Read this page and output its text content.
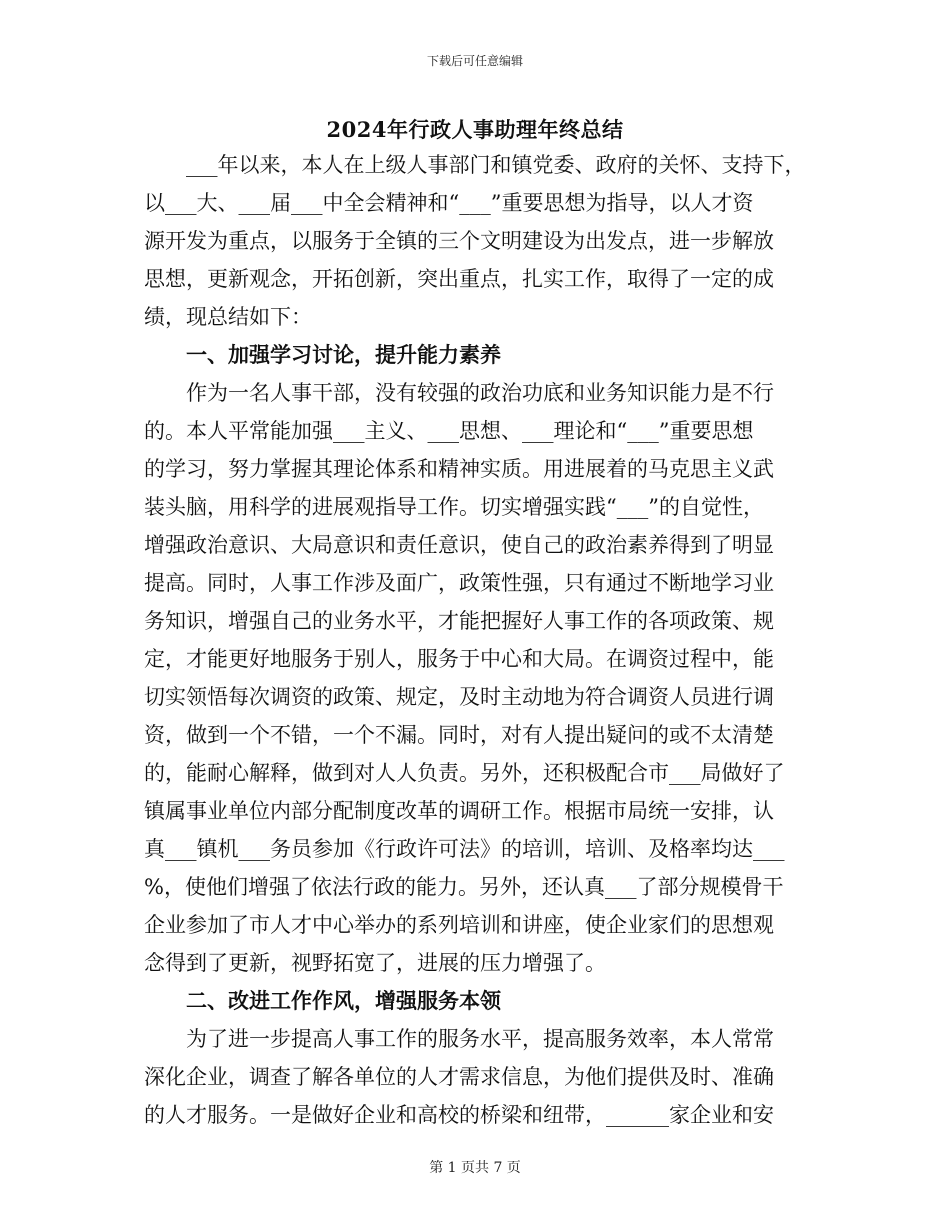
下载后可任意编辑
2024年行政人事助理年终总结
___年以来，本人在上级人事部门和镇党委、政府的关怀、支持下，
以___大、___届___中全会精神和“___”重要思想为指导，以人才资
源开发为重点，以服务于全镇的三个文明建设为出发点，进一步解放
思想，更新观念，开拓创新，突出重点，扎实工作，取得了一定的成
绩，现总结如下：
一、加强学习讨论，提升能力素养
作为一名人事干部，没有较强的政治功底和业务知识能力是不行
的。本人平常能加强___主义、___思想、___理论和“___”重要思想
的学习，努力掌握其理论体系和精神实质。用进展着的马克思主义武
装头脑，用科学的进展观指导工作。切实增强实践“___”的自觉性，
增强政治意识、大局意识和责任意识，使自己的政治素养得到了明显
提高。同时，人事工作涉及面广，政策性强，只有通过不断地学习业
务知识，增强自己的业务水平，才能把握好人事工作的各项政策、规
定，才能更好地服务于别人，服务于中心和大局。在调资过程中，能
切实领悟每次调资的政策、规定，及时主动地为符合调资人员进行调
资，做到一个不错，一个不漏。同时，对有人提出疑问的或不太清楚
的，能耐心解释，做到对人人负责。另外，还积极配合市___局做好了
镇属事业单位内部分配制度改革的调研工作。根据市局统一安排，认
真___镇机___务员参加《行政许可法》的培训，培训、及格率均达___
%，使他们增强了依法行政的能力。另外，还认真___了部分规模骨干
企业参加了市人才中心举办的系列培训和讲座，使企业家们的思想观
念得到了更新，视野拓宽了，进展的压力增强了。
二、改进工作作风，增强服务本领
为了进一步提高人事工作的服务水平，提高服务效率，本人常常
深化企业，调查了解各单位的人才需求信息，为他们提供及时、准确
的人才服务。一是做好企业和高校的桥梁和纽带，______家企业和安
第 1 页共 7 页
